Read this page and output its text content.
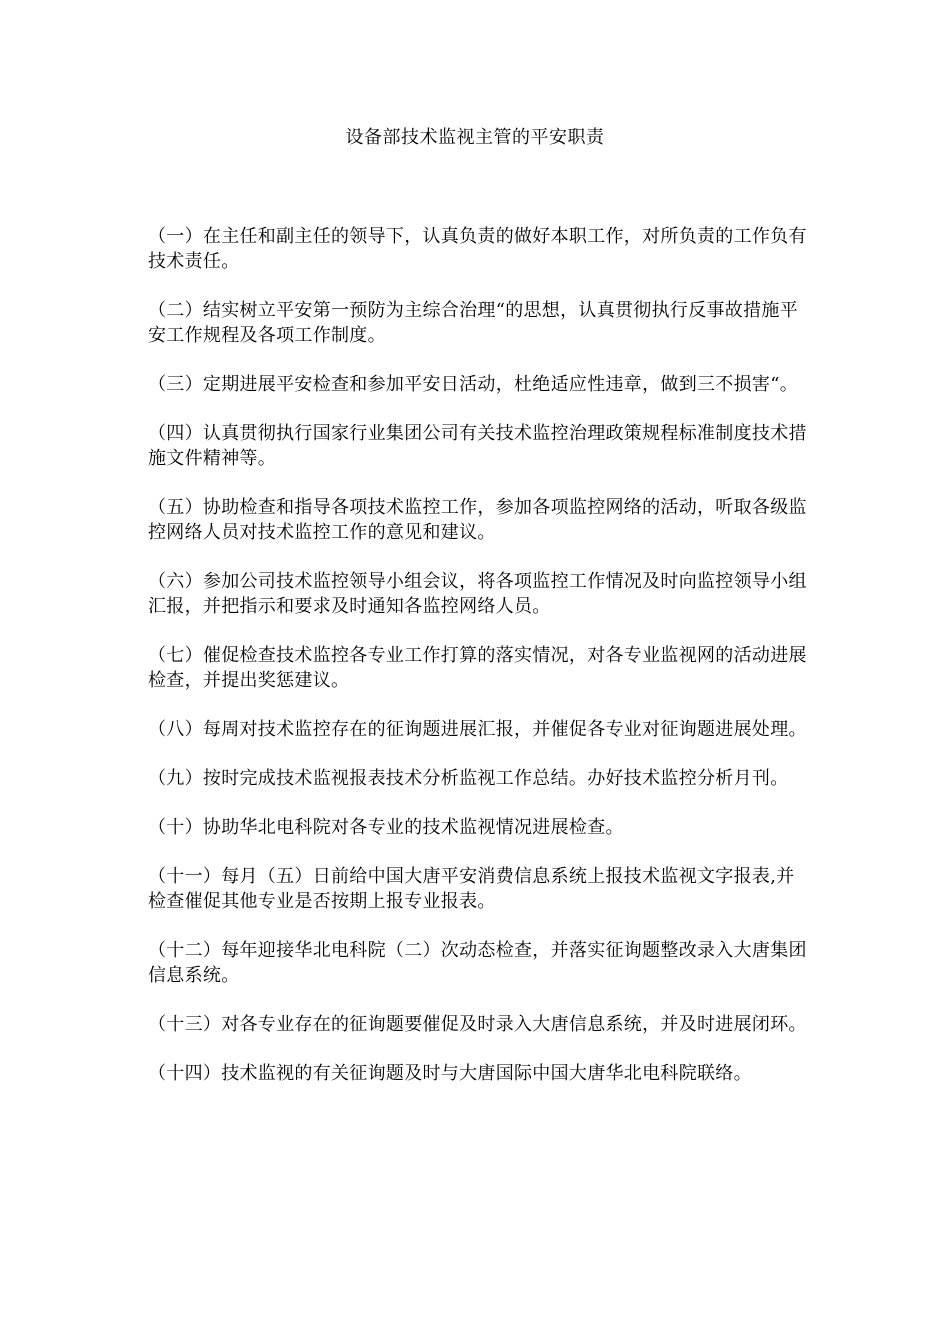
设备部技术监视主管的平安职责

（一）在主任和副主任的领导下，认真负责的做好本职工作，对所负责的工作负有技术责任。

（二）结实树立平安第一预防为主综合治理“的思想，认真贯彻执行反事故措施平安工作规程及各项工作制度。

（三）定期进展平安检查和参加平安日活动，杜绝适应性违章，做到三不损害“。

（四）认真贯彻执行国家行业集团公司有关技术监控治理政策规程标准制度技术措施文件精神等。

（五）协助检查和指导各项技术监控工作，参加各项监控网络的活动，听取各级监控网络人员对技术监控工作的意见和建议。

（六）参加公司技术监控领导小组会议，将各项监控工作情况及时向监控领导小组汇报，并把指示和要求及时通知各监控网络人员。

（七）催促检查技术监控各专业工作打算的落实情况，对各专业监视网的活动进展检查，并提出奖惩建议。

（八）每周对技术监控存在的征询题进展汇报，并催促各专业对征询题进展处理。

（九）按时完成技术监视报表技术分析监视工作总结。办好技术监控分析月刊。

（十）协助华北电科院对各专业的技术监视情况进展检查。

（十一）每月（五）日前给中国大唐平安消费信息系统上报技术监视文字报表,并检查催促其他专业是否按期上报专业报表。

（十二）每年迎接华北电科院（二）次动态检查，并落实征询题整改录入大唐集团信息系统。

（十三）对各专业存在的征询题要催促及时录入大唐信息系统，并及时进展闭环。

（十四）技术监视的有关征询题及时与大唐国际中国大唐华北电科院联络。
